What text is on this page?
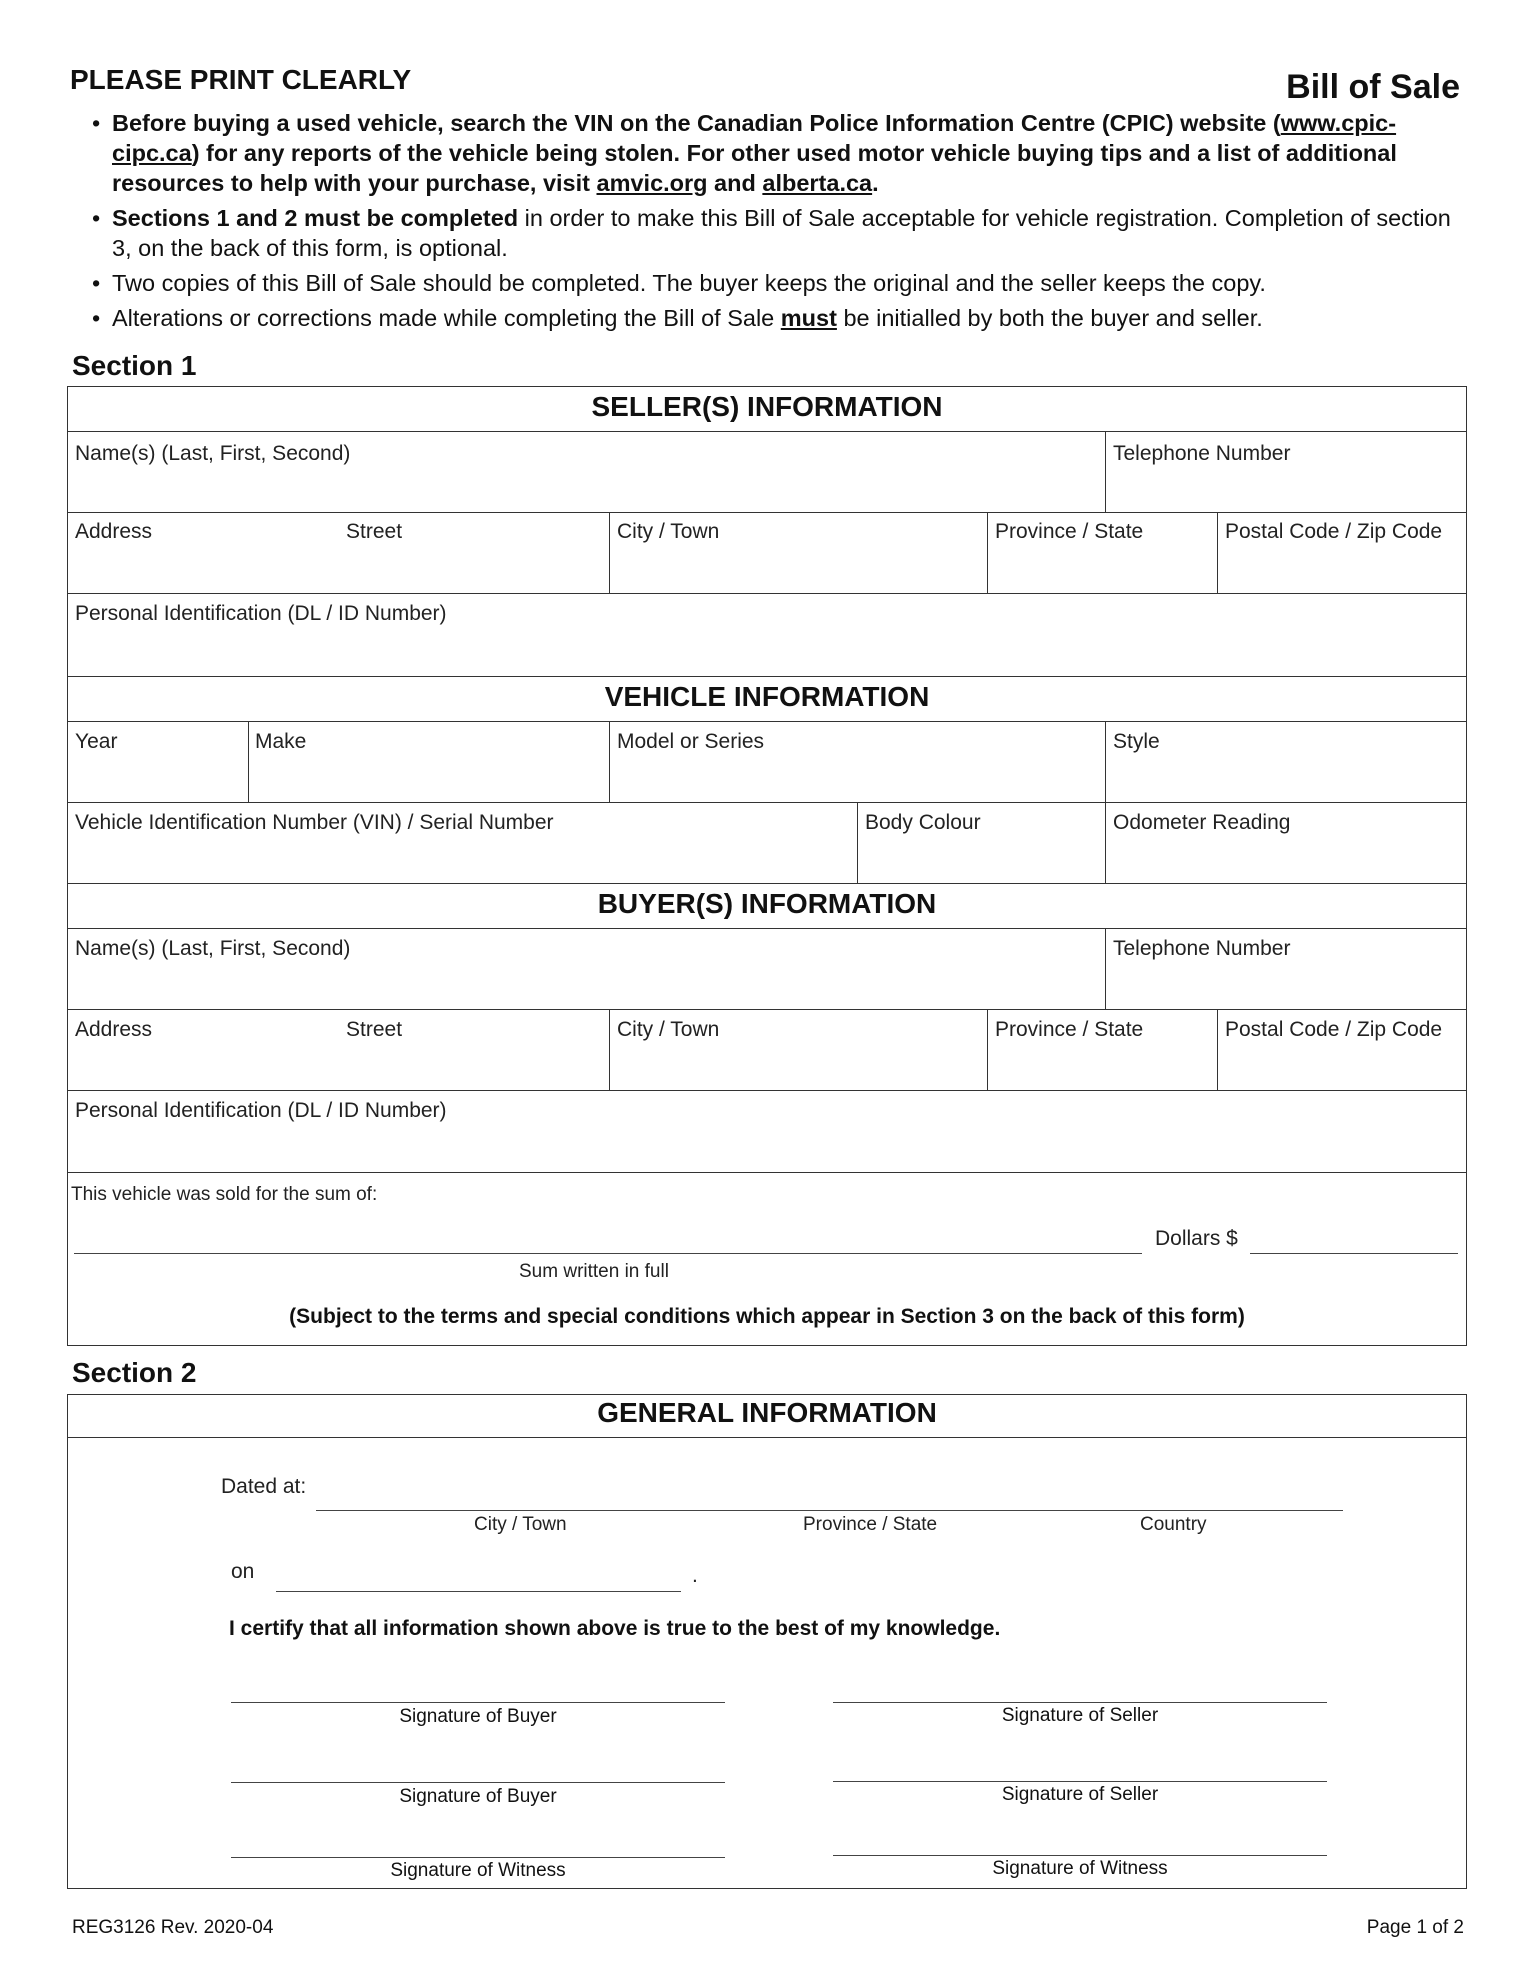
PLEASE PRINT CLEARLY	Bill of Sale
• Before buying a used vehicle, search the VIN on the Canadian Police Information Centre (CPIC) website (www.cpic-cipc.ca) for any reports of the vehicle being stolen. For other used motor vehicle buying tips and a list of additional resources to help with your purchase, visit amvic.org and alberta.ca.
• Sections 1 and 2 must be completed in order to make this Bill of Sale acceptable for vehicle registration. Completion of section 3, on the back of this form, is optional.
• Two copies of this Bill of Sale should be completed. The buyer keeps the original and the seller keeps the copy.
• Alterations or corrections made while completing the Bill of Sale must be initialled by both the buyer and seller.
Section 1
SELLER(S) INFORMATION
Name(s) (Last, First, Second)	Telephone Number
Address	Street	City / Town	Province / State	Postal Code / Zip Code
Personal Identification (DL / ID Number)
VEHICLE INFORMATION
Year	Make	Model or Series	Style
Vehicle Identification Number (VIN) / Serial Number	Body Colour	Odometer Reading
BUYER(S) INFORMATION
Name(s) (Last, First, Second)	Telephone Number
Address	Street	City / Town	Province / State	Postal Code / Zip Code
Personal Identification (DL / ID Number)
This vehicle was sold for the sum of:
Dollars $
Sum written in full
(Subject to the terms and special conditions which appear in Section 3 on the back of this form)
Section 2
GENERAL INFORMATION
Dated at:
City / Town	Province / State	Country
on	.
I certify that all information shown above is true to the best of my knowledge.
Signature of Buyer	Signature of Seller
Signature of Buyer	Signature of Seller
Signature of Witness	Signature of Witness
REG3126 Rev. 2020-04	Page 1 of 2
